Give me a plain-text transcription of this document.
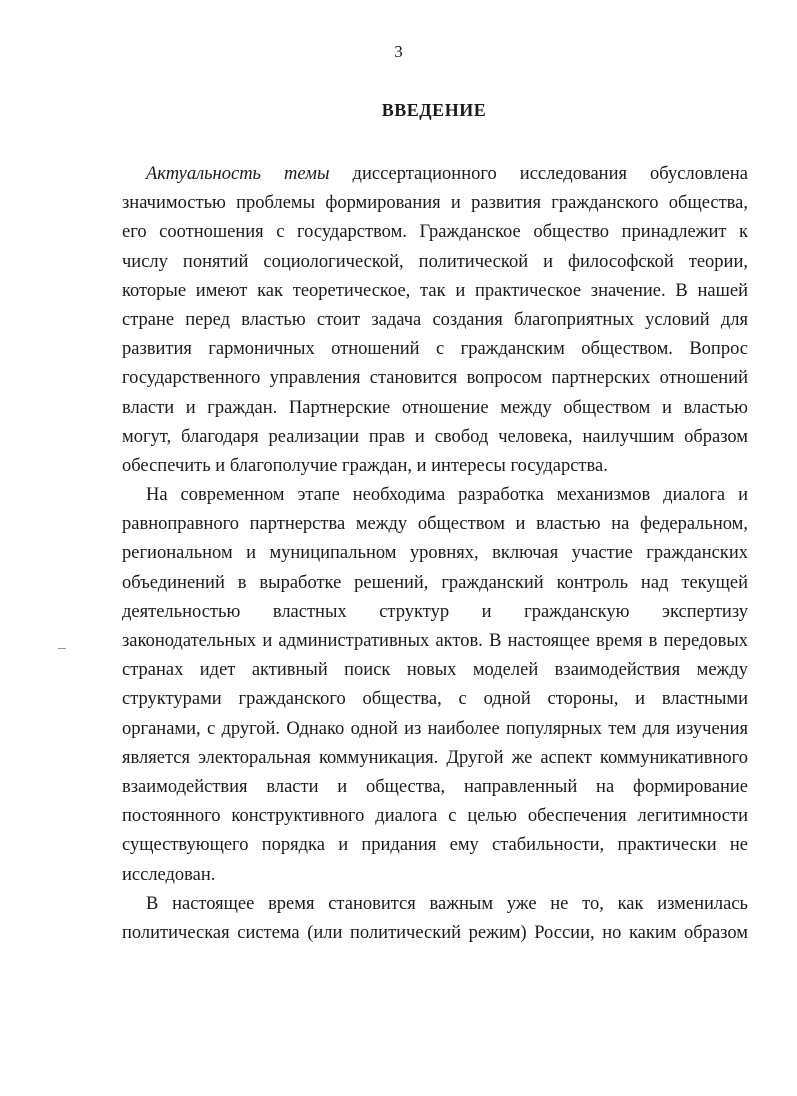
3
ВВЕДЕНИЕ
Актуальность темы диссертационного исследования обусловлена
значимостью проблемы формирования и развития гражданского общества,
его соотношения с государством. Гражданское общество принадлежит к
числу понятий социологической, политической и философской теории,
которые имеют как теоретическое, так и практическое значение. В нашей
стране перед властью стоит задача создания благоприятных условий для
развития гармоничных отношений с гражданским обществом. Вопрос
государственного управления становится вопросом партнерских отношений
власти и граждан. Партнерские отношение между обществом и властью
могут, благодаря реализации прав и свобод человека, наилучшим образом
обеспечить и благополучие граждан, и интересы государства.
На современном этапе необходима разработка механизмов диалога и
равноправного партнерства между обществом и властью на федеральном,
региональном и муниципальном уровнях, включая участие гражданских
объединений в выработке решений, гражданский контроль над текущей
деятельностью властных структур и гражданскую экспертизу
законодательных и административных актов. В настоящее время в передовых
странах идет активный поиск новых моделей взаимодействия между
структурами гражданского общества, с одной стороны, и властными
органами, с другой. Однако одной из наиболее популярных тем для изучения
является электоральная коммуникация. Другой же аспект коммуникативного
взаимодействия власти и общества, направленный на формирование
постоянного конструктивного диалога с целью обеспечения легитимности
существующего порядка и придания ему стабильности, практически не
исследован.
В настоящее время становится важным уже не то, как изменилась
политическая система (или политический режим) России, но каким образом
